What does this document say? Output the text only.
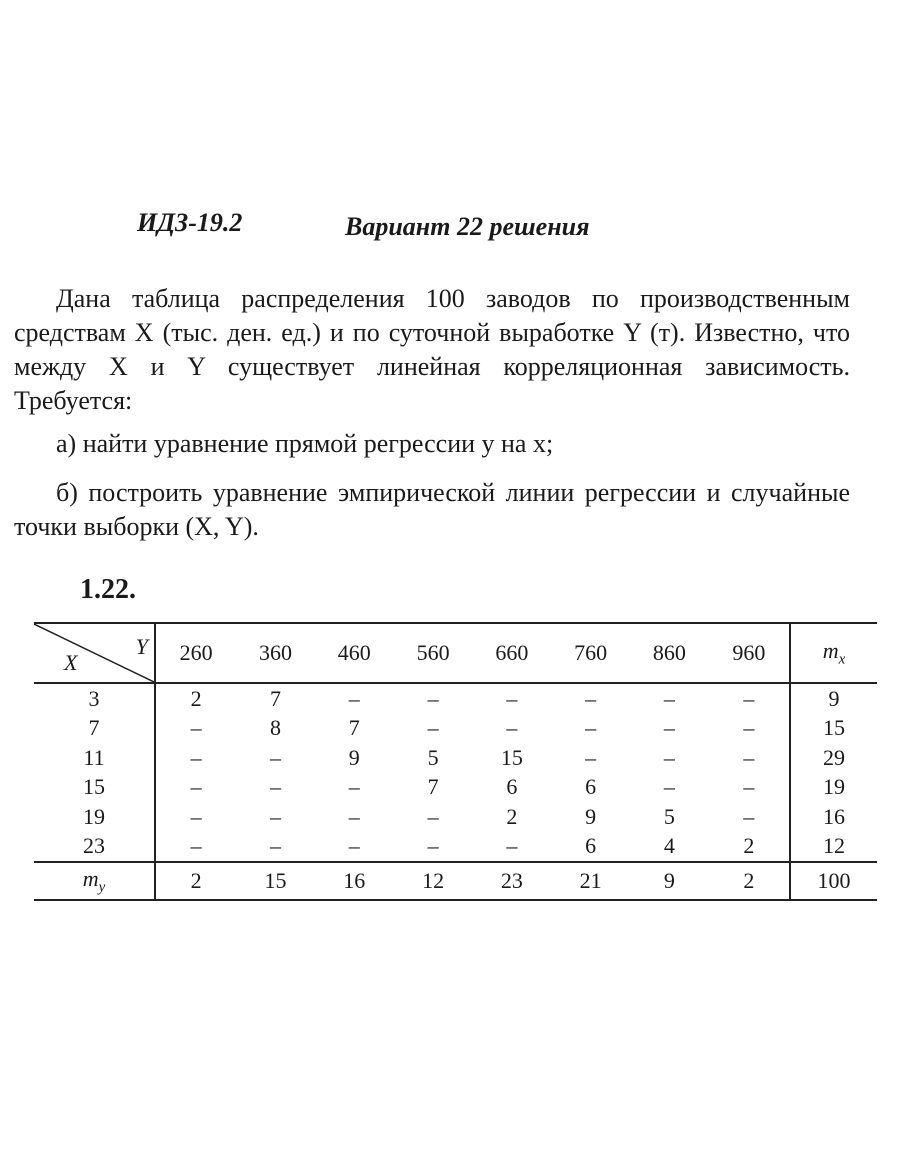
ИДЗ-19.2	Вариант 22 решения
Дана таблица распределения 100 заводов по производственным средствам X (тыс. ден. ед.) и по суточной выработке Y (т). Известно, что между X и Y существует линейная корреляционная зависимость. Требуется:
а) найти уравнение прямой регрессии y на x;
б) построить уравнение эмпирической линии регрессии и случайные точки выборки (X, Y).
1.22.
Y
X	260	360	460	560	660	760	860	960	$m_x$
3	2	7	–	–	–	–	–	–	9
7	–	8	7	–	–	–	–	–	15
11	–	–	9	5	15	–	–	–	29
15	–	–	–	7	6	6	–	–	19
19	–	–	–	–	2	9	5	–	16
23	–	–	–	–	–	6	4	2	12
$m_y$	2	15	16	12	23	21	9	2	100
